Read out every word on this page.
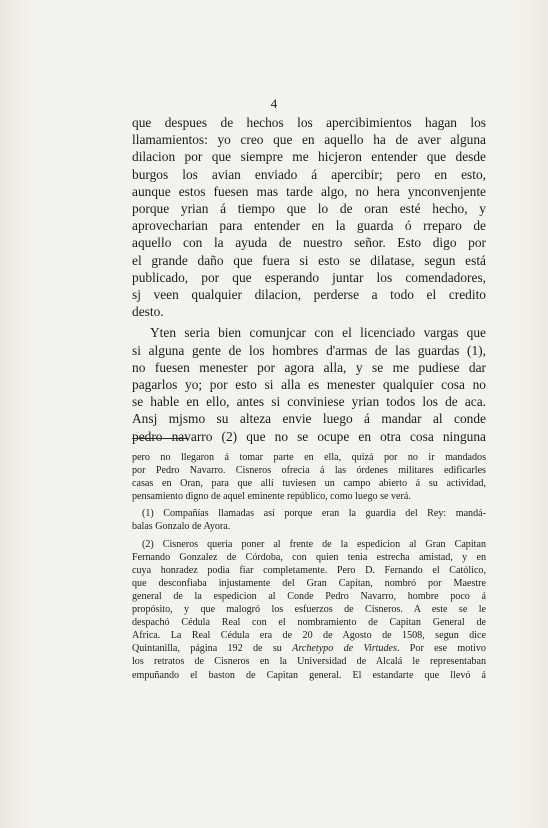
4

que despues de hechos los apercibimientos hagan los
llamamientos: yo creo que en aquello ha de aver alguna
dilacion por que siempre me hicjeron entender que desde
burgos los avian enviado á apercibir; pero en esto,
aunque estos fuesen mas tarde algo, no hera ynconvenjente
porque yrian á tiempo que lo de oran esté hecho, y
aprovecharian para entender en la guarda ó rreparo de
aquello con la ayuda de nuestro señor. Esto digo por
el grande daño que fuera si esto se dilatase, segun está
publicado, por que esperando juntar los comendadores,
sj veen qualquier dilacion, perderse a todo el credito
desto.

Yten seria bien comunjcar con el licenciado vargas que
si alguna gente de los hombres d'armas de las guardas (1),
no fuesen menester por agora alla, y se me pudiese dar
pagarlos yo; por esto si alla es menester qualquier cosa no
se hable en ello, antes si conviniese yrian todos los de aca.
Ansj mjsmo su alteza envie luego á mandar al conde
pedro navarro (2) que no se ocupe en otra cosa ninguna

pero no llegaron á tomar parte en ella, quizá por no ir mandados
por Pedro Navarro. Cisneros ofrecia á las órdenes militares edificarles
casas en Oran, para que allí tuviesen un campo abierto á su actividad,
pensamiento digno de aquel eminente repúblico, como luego se verá.

(1) Compañías llamadas así porque eran la guardia del Rey: mandá-
balas Gonzalo de Ayora.

(2) Cisneros queria poner al frente de la espedicion al Gran Capitan
Fernando Gonzalez de Córdoba, con quien tenia estrecha amistad, y en
cuya honradez podia fiar completamente. Pero D. Fernando el Católico,
que desconfiaba injustamente del Gran Capitan, nombró por Maestre
general de la espedicion al Conde Pedro Navarro, hombre poco á
propósito, y que malogró los esfuerzos de Cisneros. A este se le
despachó Cédula Real con el nombramiento de Capitan General de
Africa. La Real Cédula era de 20 de Agosto de 1508, segun dice
Quintanilla, página 192 de su Archetypo de Virtudes. Por ese motivo
los retratos de Cisneros en la Universidad de Alcalá le representaban
empuñando el baston de Capitan general. El estandarte que llevó á
